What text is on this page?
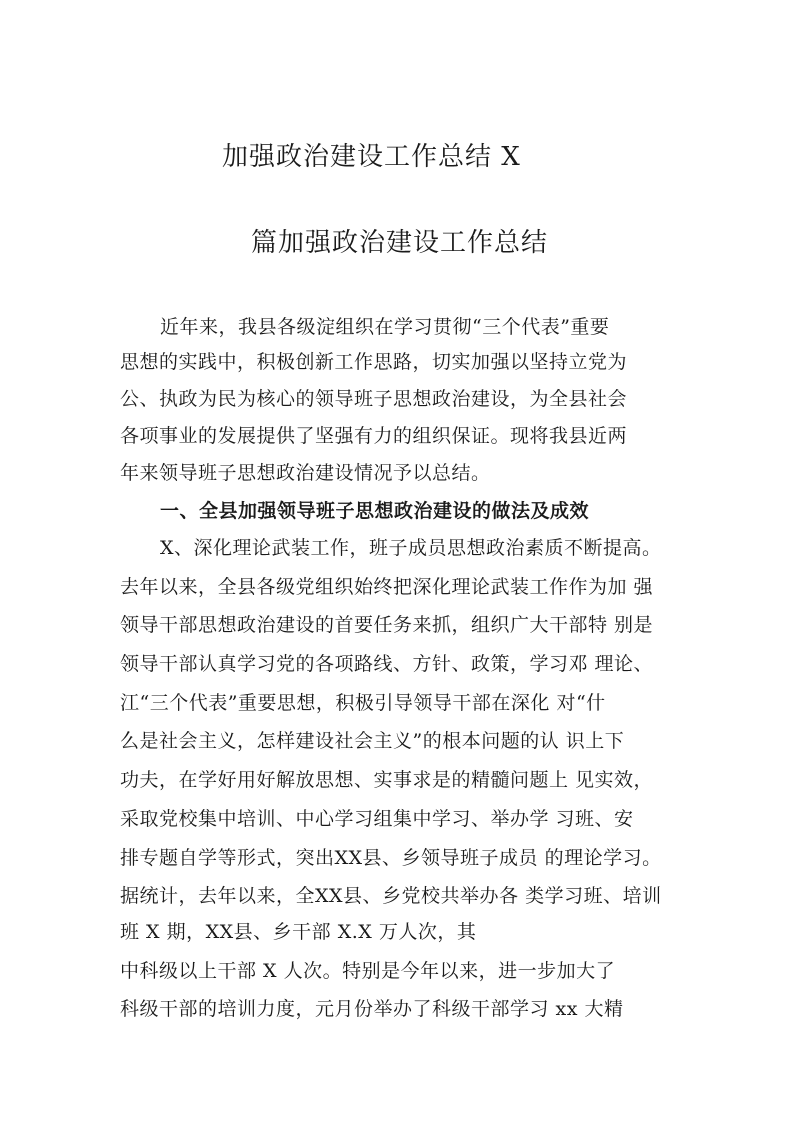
加强政治建设工作总结 X
篇加强政治建设工作总结
近年来，我县各级淀组织在学习贯彻“三个代表”重要
思想的实践中，积极创新工作思路，切实加强以坚持立党为
公、执政为民为核心的领导班子思想政治建设，为全县社会
各项事业的发展提供了坚强有力的组织保证。现将我县近两
年来领导班子思想政治建设情况予以总结。
一、全县加强领导班子思想政治建设的做法及成效
X、深化理论武装工作，班子成员思想政治素质不断提高。
去年以来，全县各级党组织始终把深化理论武装工作作为加 强
领导干部思想政治建设的首要任务来抓，组织广大干部特 别是
领导干部认真学习党的各项路线、方针、政策，学习邓 理论、
江“三个代表”重要思想，积极引导领导干部在深化 对“什
么是社会主义，怎样建设社会主义”的根本问题的认 识上下
功夫，在学好用好解放思想、实事求是的精髓问题上 见实效，
采取党校集中培训、中心学习组集中学习、举办学 习班、安
排专题自学等形式，突出XX县、乡领导班子成员 的理论学习。
据统计，去年以来，全XX县、乡党校共举办各 类学习班、培训
班 X 期，XX县、乡干部 X.X 万人次，其
中科级以上干部 X 人次。特别是今年以来，进一步加大了
科级干部的培训力度，元月份举办了科级干部学习 xx 大精
